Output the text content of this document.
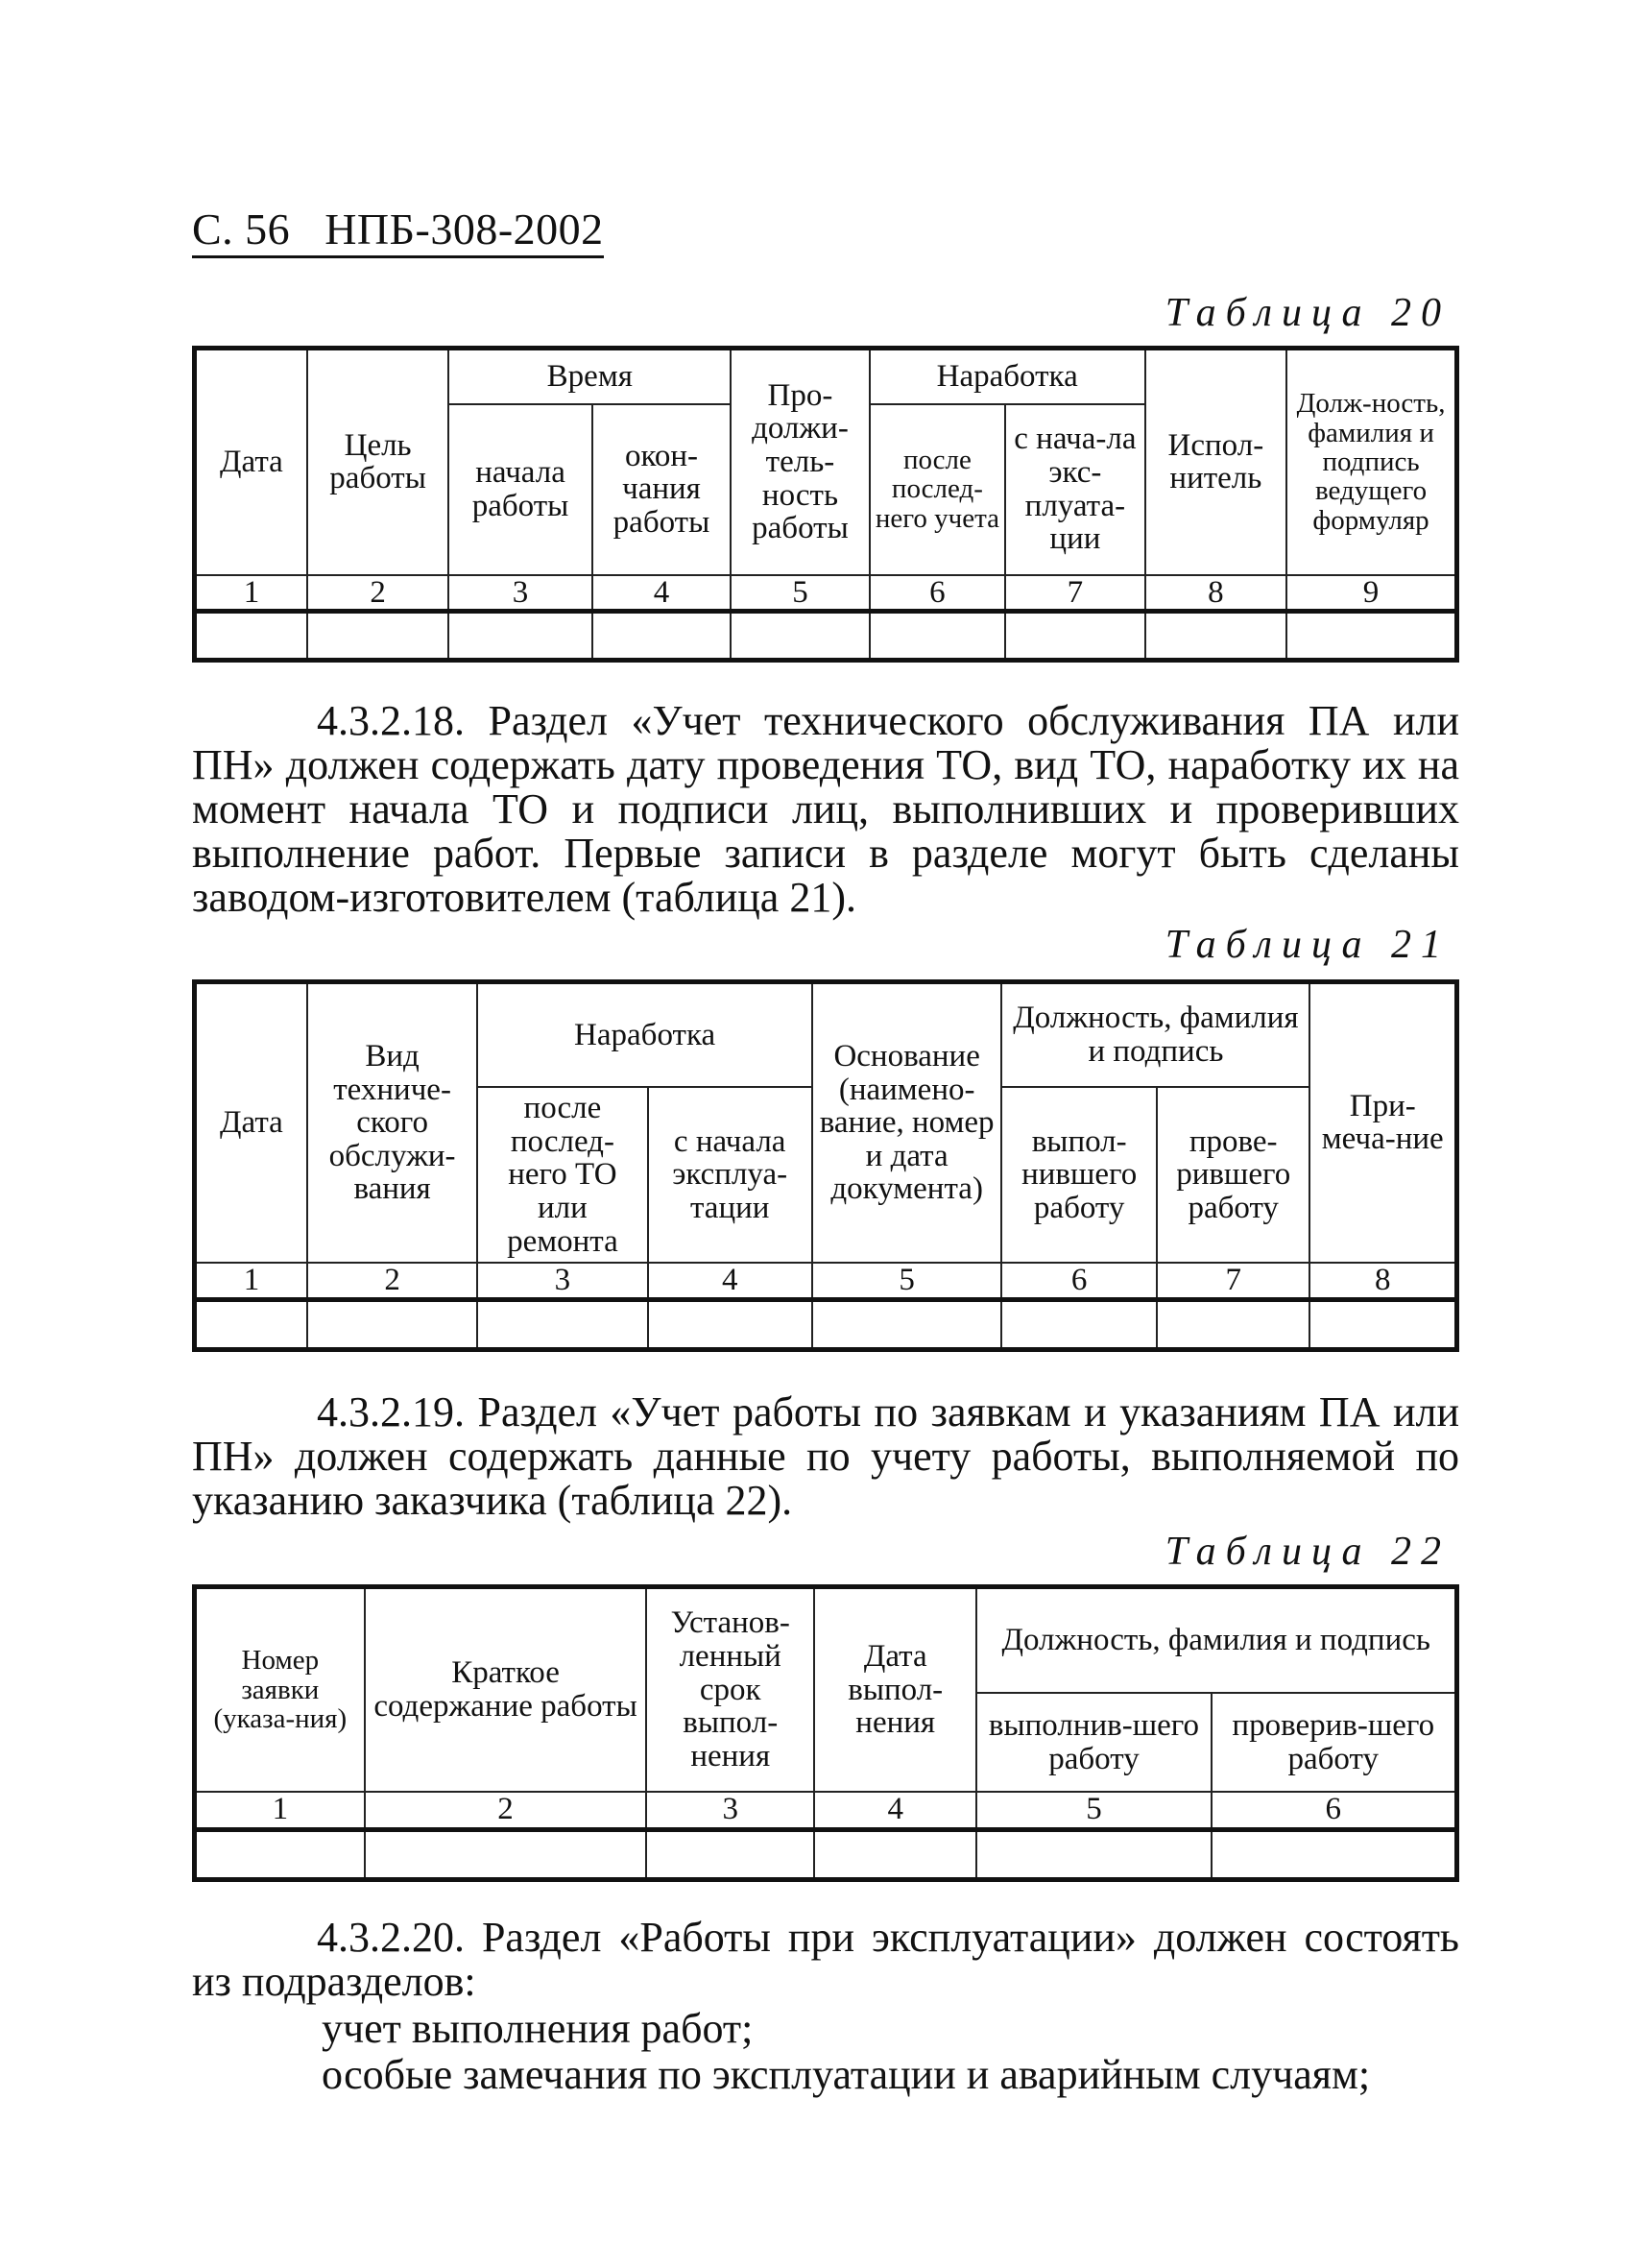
С. 56 НПБ-308-2002
Таблица 20
Дата	Цель работы	Время		Про-должи-тель-ность работы	Наработка		Испол-нитель	Долж-ность, фамилия и подпись ведущего формуляр
		начала работы	окон-чания работы		после послед-него учета	с нача-ла экс-плуата-ции		
1	2	3	4	5	6	7	8	9

4.3.2.18. Раздел «Учет технического обслуживания ПА или ПН» должен содержать дату проведения ТО, вид ТО, наработку их на момент начала ТО и подписи лиц, выполнивших и проверивших выполнение работ. Первые записи в разделе могут быть сделаны заводом-изготовителем (таблица 21).
Таблица 21
Дата	Вид техниче-ского обслужи-вания	Наработка		Основание (наимено-вание, номер и дата документа)	Должность, фамилия и подпись		При-меча-ние
		после послед-него ТО или ремонта	с начала эксплуа-тации		выпол-нившего работу	прове-рившего работу	
1	2	3	4	5	6	7	8

4.3.2.19. Раздел «Учет работы по заявкам и указаниям ПА или ПН» должен содержать данные по учету работы, выполняемой по указанию заказчика (таблица 22).
Таблица 22
Номер заявки (указа-ния)	Краткое содержание работы	Установ-ленный срок выпол-нения	Дата выпол-нения	Должность, фамилия и подпись	
				выполнив-шего работу	проверив-шего работу
1	2	3	4	5	6

4.3.2.20. Раздел «Работы при эксплуатации» должен состоять из подразделов:
учет выполнения работ;
особые замечания по эксплуатации и аварийным случаям;
